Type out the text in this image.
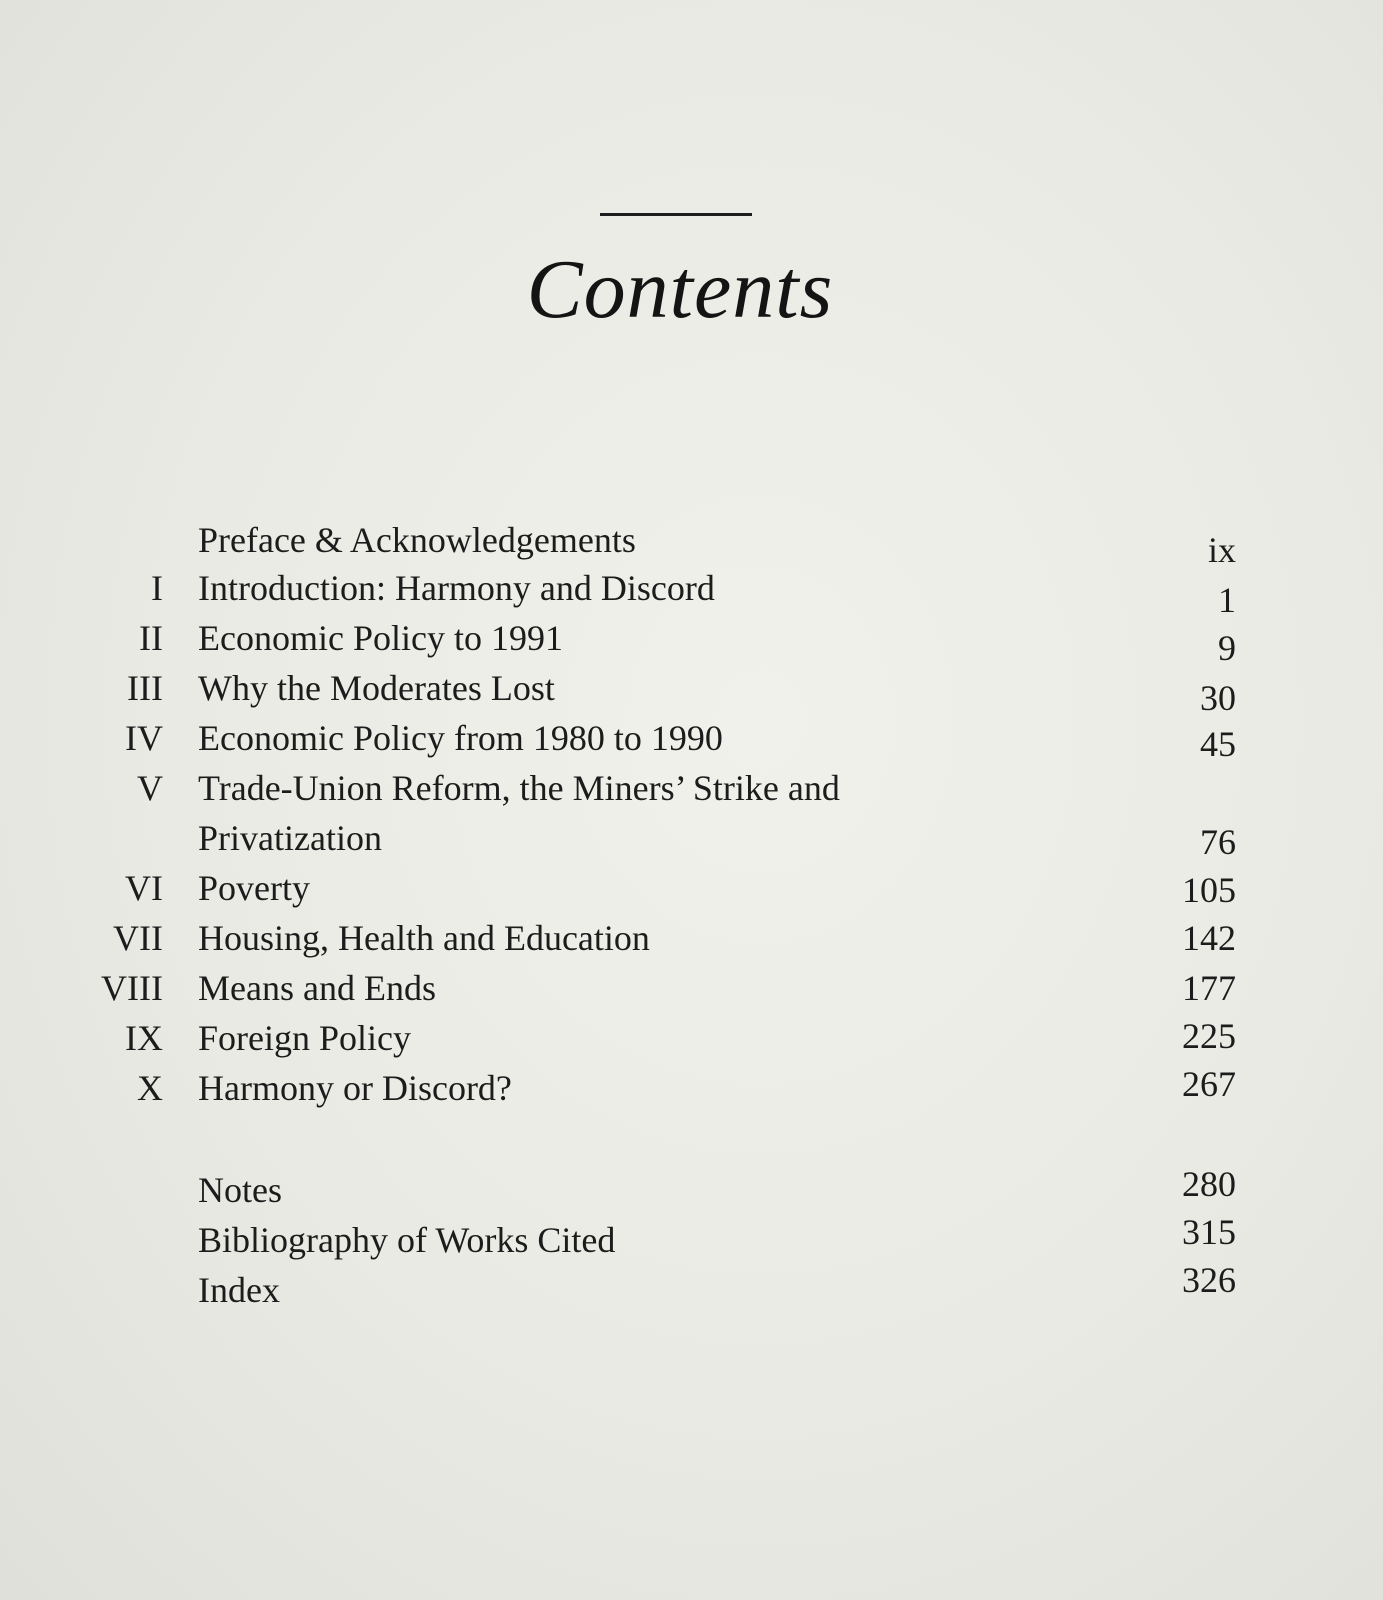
Contents
Preface & Acknowledgements	ix
I Introduction: Harmony and Discord	1
II Economic Policy to 1991	9
III Why the Moderates Lost	30
IV Economic Policy from 1980 to 1990	45
V Trade-Union Reform, the Miners’ Strike and
Privatization	76
VI Poverty	105
VII Housing, Health and Education	142
VIII Means and Ends	177
IX Foreign Policy	225
X Harmony or Discord?	267
Notes	280
Bibliography of Works Cited	315
Index	326
